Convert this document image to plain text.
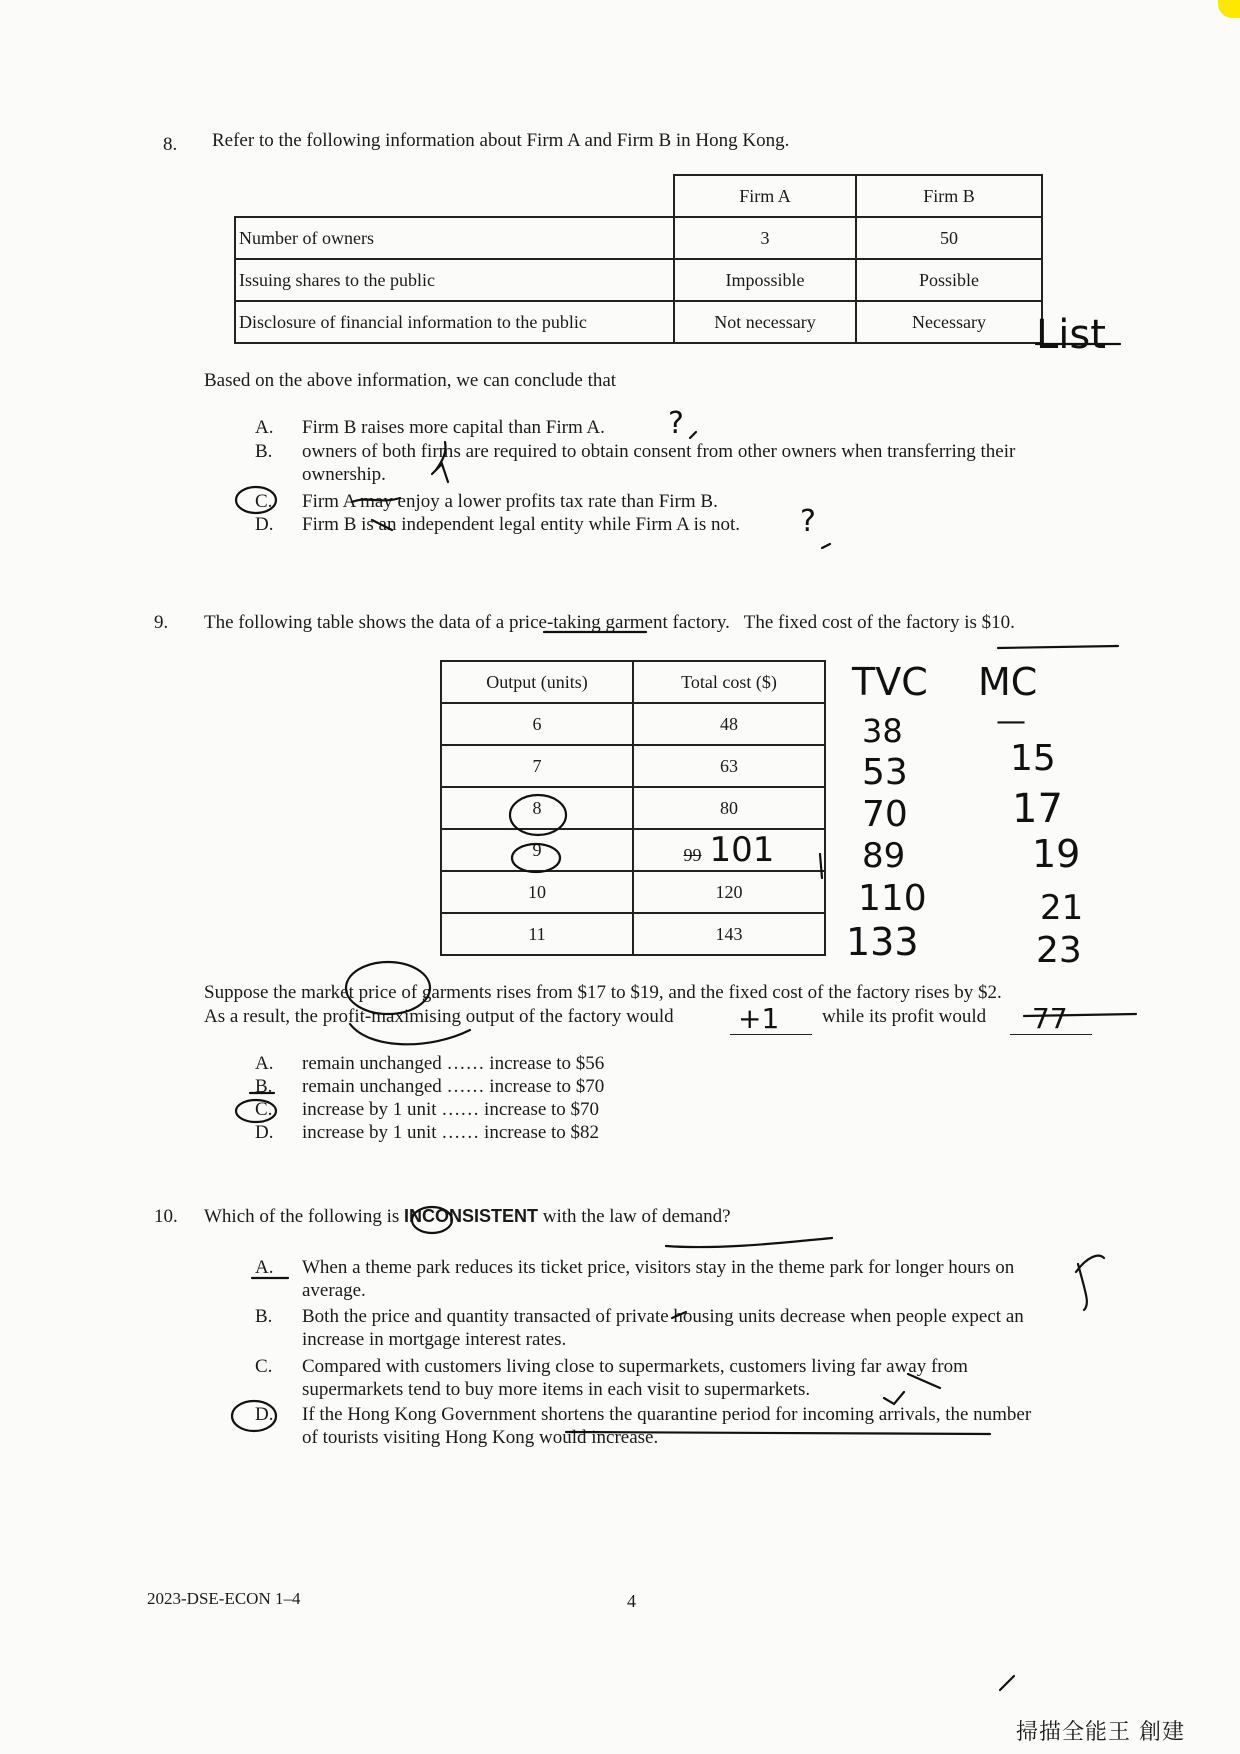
8. Refer to the following information about Firm A and Firm B in Hong Kong.
	Firm A	Firm B
Number of owners	3	50
Issuing shares to the public	Impossible	Possible
Disclosure of financial information to the public	Not necessary	Necessary List
Based on the above information, we can conclude that
A. Firm B raises more capital than Firm A. ?
B. owners of both firms are required to obtain consent from other owners when transferring their
ownership.
C. Firm A may enjoy a lower profits tax rate than Firm B.
D. Firm B is an independent legal entity while Firm A is not. ?
9. The following table shows the data of a price-taking garment factory.   The fixed cost of the factory is $10.
Output (units)	Total cost ($)
6	48
7	63
8	80
9	99 101
10	120
11	143
TVC MC
38
53
70
89
110
133
—
15
17
19
21
23
Suppose the market price of garments rises from $17 to $19, and the fixed cost of the factory rises by $2.
As a result, the profit-maximising output of the factory would +1 while its profit would 77
A. remain unchanged …… increase to $56
B. remain unchanged …… increase to $70
C. increase by 1 unit …… increase to $70
D. increase by 1 unit …… increase to $82
10. Which of the following is INCONSISTENT with the law of demand?
A. When a theme park reduces its ticket price, visitors stay in the theme park for longer hours on
average.
B. Both the price and quantity transacted of private housing units decrease when people expect an
increase in mortgage interest rates.
C. Compared with customers living close to supermarkets, customers living far away from
supermarkets tend to buy more items in each visit to supermarkets.
D. If the Hong Kong Government shortens the quarantine period for incoming arrivals, the number
of tourists visiting Hong Kong would increase.
2023-DSE-ECON 1–4	4
掃描全能王 創建
